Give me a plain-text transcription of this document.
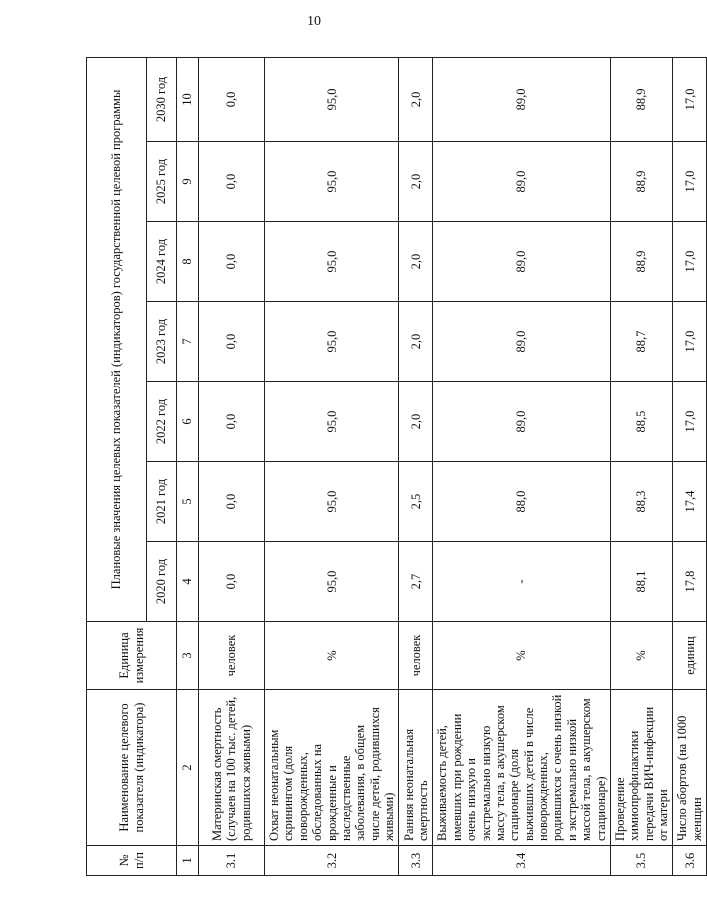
10
№ п/п	Наименование целевого показателя (индикатора)	Единица измерения	Плановые значения целевых показателей (индикаторов) государственной целевой программы						
			2020 год	2021 год	2022 год	2023 год	2024 год	2025 год	2030 год
1	2	3	4	5	6	7	8	9	10
3.1	Материнская смертность (случаев на 100 тыс. детей, родившихся живыми)	человек	0,0	0,0	0,0	0,0	0,0	0,0	0,0
3.2	Охват неонатальным скринингом (доля новорожденных, обследованных на врожденные и наследственные заболевания, в общем числе детей, родившихся живыми)	%	95,0	95,0	95,0	95,0	95,0	95,0	95,0
3.3	Ранняя неонатальная смертность	человек	2,7	2,5	2,0	2,0	2,0	2,0	2,0
3.4	Выживаемость детей, имевших при рождении очень низкую и экстремально низкую массу тела, в акушерском стационаре (доля выживших детей в числе новорожденных, родившихся с очень низкой и экстремально низкой массой тела, в акушерском стационаре)	%	-	88,0	89,0	89,0	89,0	89,0	89,0
3.5	Проведение химиопрофилактики передачи ВИЧ-инфекции от матери	%	88,1	88,3	88,5	88,7	88,9	88,9	88,9
3.6	Число абортов (на 1000 женщин	единиц	17,8	17,4	17,0	17,0	17,0	17,0	17,0
